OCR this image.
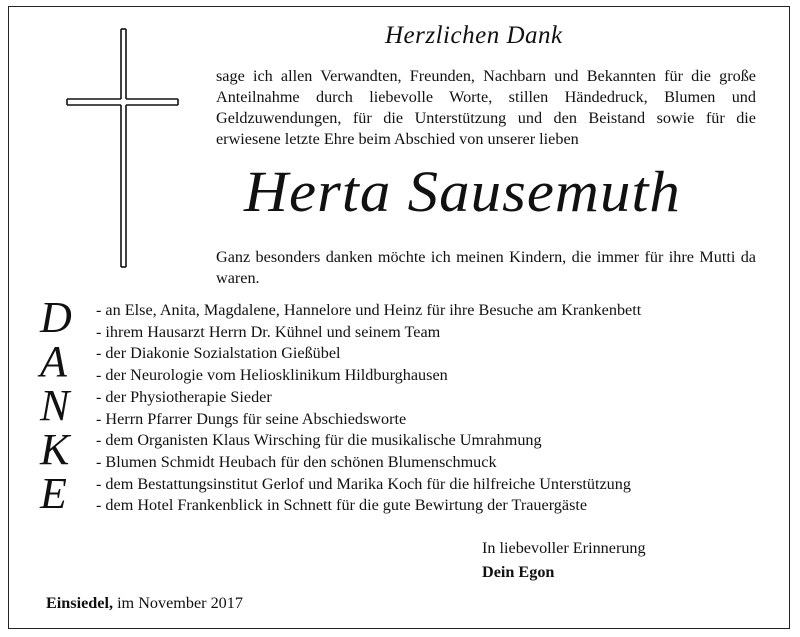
Herzlichen Dank
sage ich allen Verwandten, Freunden, Nachbarn und Bekannten für die große Anteilnahme durch liebevolle Worte, stillen Händedruck, Blumen und Geldzuwendungen, für die Unterstützung und den Beistand sowie für die erwiesene letzte Ehre beim Abschied von unserer lieben
Herta Sausemuth
Ganz besonders danken möchte ich meinen Kindern, die immer für ihre Mutti da waren.
D
A
N
K
E
- an Else, Anita, Magdalene, Hannelore und Heinz für ihre Besuche am Krankenbett
- ihrem Hausarzt Herrn Dr. Kühnel und seinem Team
- der Diakonie Sozialstation Gießübel
- der Neurologie vom Heliosklinikum Hildburghausen
- der Physiotherapie Sieder
- Herrn Pfarrer Dungs für seine Abschiedsworte
- dem Organisten Klaus Wirsching für die musikalische Umrahmung
- Blumen Schmidt Heubach für den schönen Blumenschmuck
- dem Bestattungsinstitut Gerlof und Marika Koch für die hilfreiche Unterstützung
- dem Hotel Frankenblick in Schnett für die gute Bewirtung der Trauergäste
In liebevoller Erinnerung
Dein Egon
Einsiedel, im November 2017
